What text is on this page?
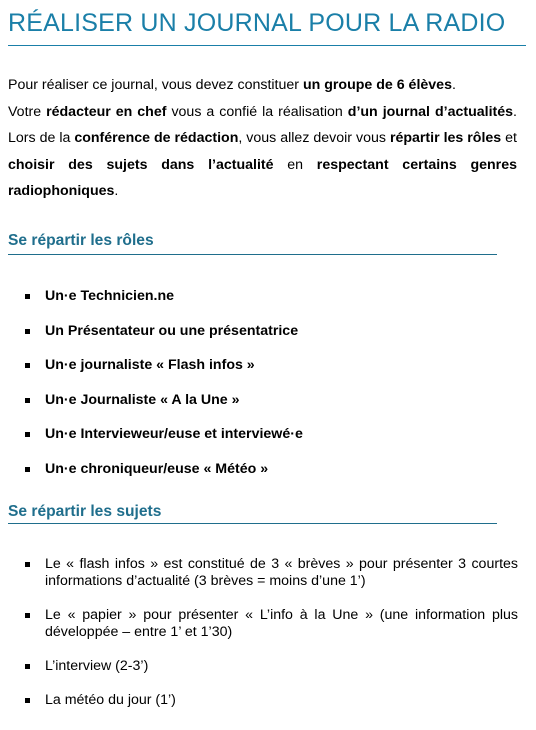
RÉALISER UN JOURNAL POUR LA RADIO

Pour réaliser ce journal, vous devez constituer un groupe de 6 élèves.

Votre rédacteur en chef vous a confié la réalisation d’un journal d’actualités. Lors de la conférence de rédaction, vous allez devoir vous répartir les rôles et choisir des sujets dans l’actualité en respectant certains genres radiophoniques.

Se répartir les rôles
Un·e Technicien.ne
Un Présentateur ou une présentatrice
Un·e journaliste « Flash infos »
Un·e Journaliste « A la Une »
Un·e Intervieweur/euse et interviewé·e
Un·e chroniqueur/euse « Météo »
Se répartir les sujets
Le « flash infos » est constitué de 3 « brèves » pour présenter 3 courtes informations d’actualité (3 brèves = moins d’une 1’)
Le « papier » pour présenter « L’info à la Une » (une information plus développée – entre 1’ et 1’30)
L’interview (2-3’)
La météo du jour (1’)
